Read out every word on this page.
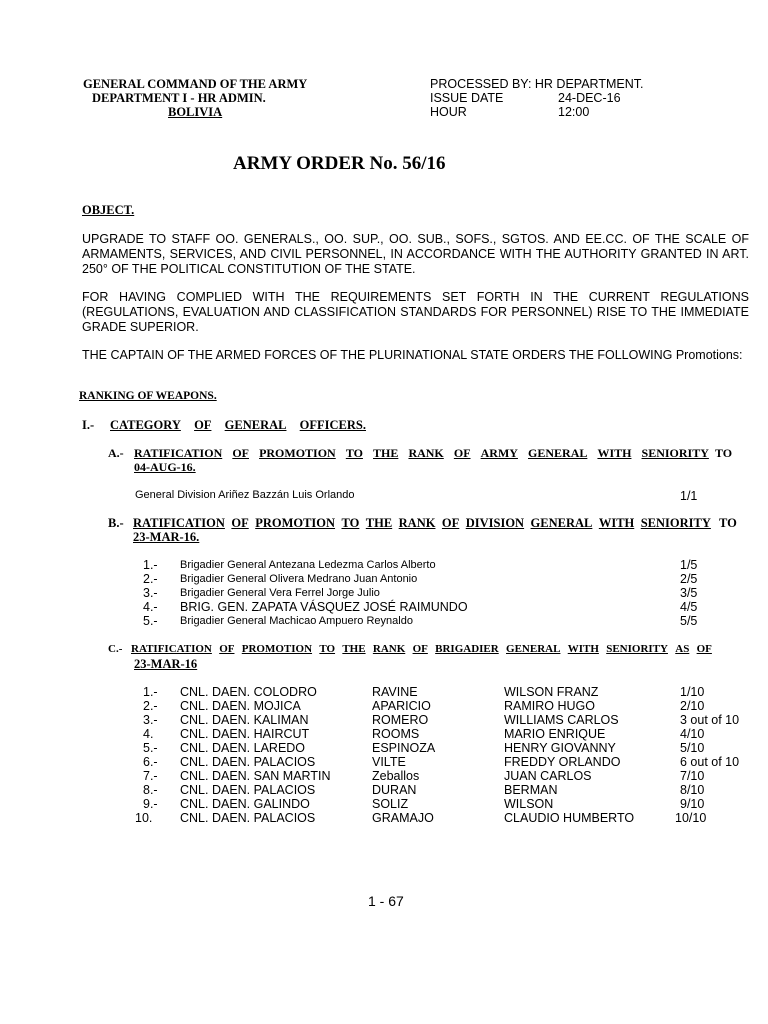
GENERAL COMMAND OF THE ARMY
DEPARTMENT I - HR ADMIN.
BOLIVIA
PROCESSED BY: HR DEPARTMENT.
ISSUE DATE	24-DEC-16
HOUR	12:00
ARMY ORDER No. 56/16
OBJECT.
UPGRADE TO STAFF OO. GENERALS., OO. SUP., OO. SUB., SOFS., SGTOS. AND EE.CC. OF THE SCALE OF ARMAMENTS, SERVICES, AND CIVIL PERSONNEL, IN ACCORDANCE WITH THE AUTHORITY GRANTED IN ART. 250° OF THE POLITICAL CONSTITUTION OF THE STATE.
FOR HAVING COMPLIED WITH THE REQUIREMENTS SET FORTH IN THE CURRENT REGULATIONS (REGULATIONS, EVALUATION AND CLASSIFICATION STANDARDS FOR PERSONNEL) RISE TO THE IMMEDIATE GRADE SUPERIOR.
THE CAPTAIN OF THE ARMED FORCES OF THE PLURINATIONAL STATE ORDERS THE FOLLOWING Promotions:
RANKING OF WEAPONS.
I.- CATEGORY OF GENERAL OFFICERS.
A.- RATIFICATION OF PROMOTION TO THE RANK OF ARMY GENERAL WITH SENIORITY TO
04-AUG-16.
General Division Ariñez Bazzán Luis Orlando	1/1
B.- RATIFICATION OF PROMOTION TO THE RANK OF DIVISION GENERAL WITH SENIORITY TO
23-MAR-16.
1.- Brigadier General Antezana Ledezma Carlos Alberto	1/5
2.- Brigadier General Olivera Medrano Juan Antonio	2/5
3.- Brigadier General Vera Ferrel Jorge Julio	3/5
4.- BRIG. GEN. ZAPATA VÁSQUEZ JOSÉ RAIMUNDO	4/5
5.- Brigadier General Machicao Ampuero Reynaldo	5/5
C.- RATIFICATION OF PROMOTION TO THE RANK OF BRIGADIER GENERAL WITH SENIORITY AS OF
23-MAR-16
1.- CNL. DAEN. COLODRO	RAVINE	WILSON FRANZ	1/10
2.- CNL. DAEN. MOJICA	APARICIO	RAMIRO HUGO	2/10
3.- CNL. DAEN. KALIMAN	ROMERO	WILLIAMS CARLOS	3 out of 10
4. CNL. DAEN. HAIRCUT	ROOMS	MARIO ENRIQUE	4/10
5.- CNL. DAEN. LAREDO	ESPINOZA	HENRY GIOVANNY	5/10
6.- CNL. DAEN. PALACIOS	VILTE	FREDDY ORLANDO	6 out of 10
7.- CNL. DAEN. SAN MARTIN	Zeballos	JUAN CARLOS	7/10
8.- CNL. DAEN. PALACIOS	DURAN	BERMAN	8/10
9.- CNL. DAEN. GALINDO	SOLIZ	WILSON	9/10
10. CNL. DAEN. PALACIOS	GRAMAJO	CLAUDIO HUMBERTO	10/10
1 - 67
